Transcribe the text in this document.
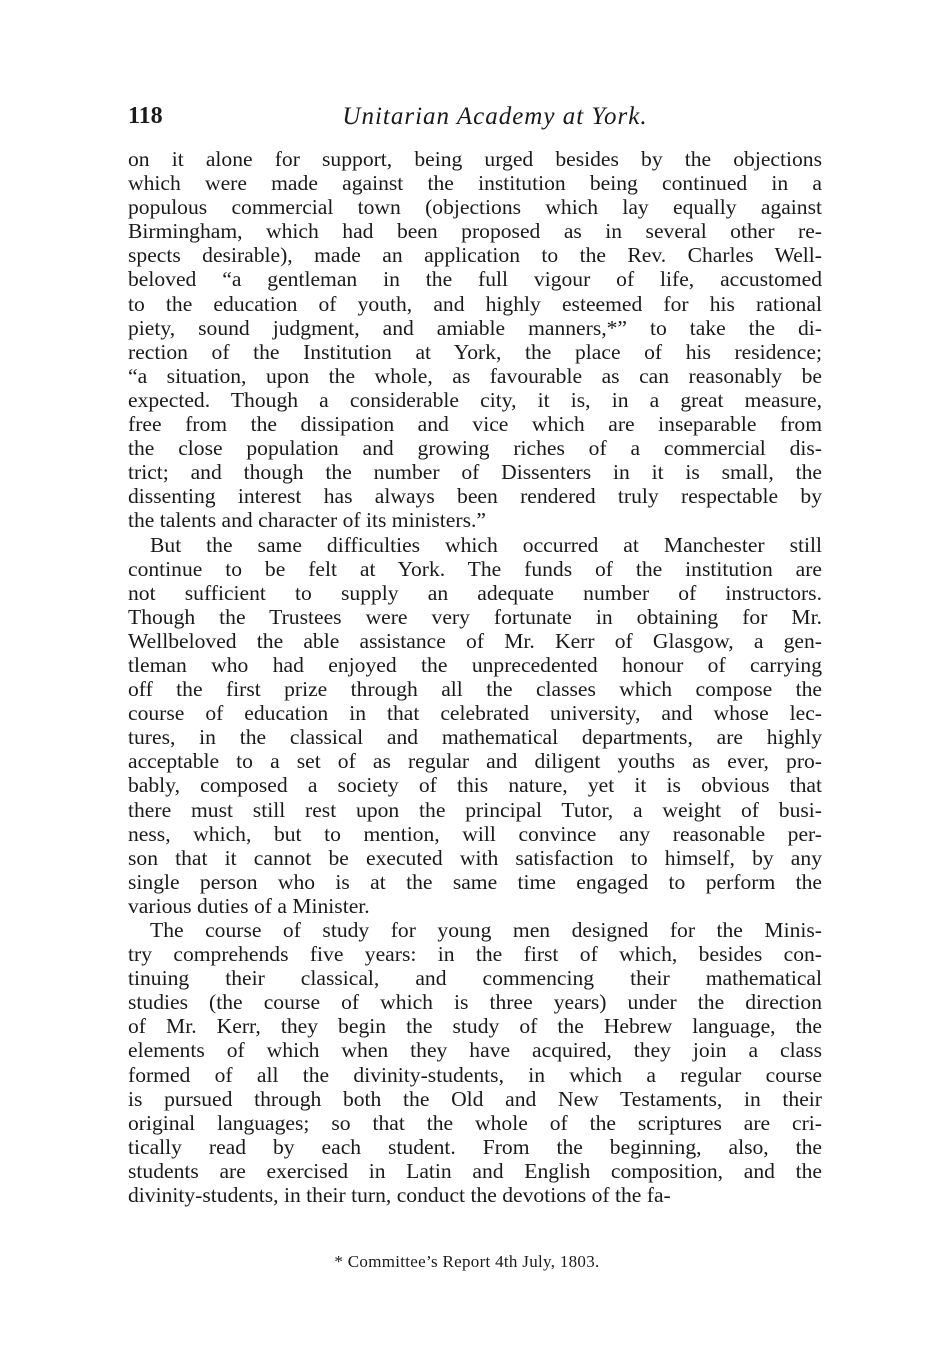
118	Unitarian Academy at York.
on it alone for support, being urged besides by the objections
which were made against the institution being continued in a
populous commercial town (objections which lay equally against
Birmingham, which had been proposed as in several other re-
spects desirable), made an application to the Rev. Charles Well-
beloved “a gentleman in the full vigour of life, accustomed
to the education of youth, and highly esteemed for his rational
piety, sound judgment, and amiable manners,*” to take the di-
rection of the Institution at York, the place of his residence;
“a situation, upon the whole, as favourable as can reasonably be
expected. Though a considerable city, it is, in a great measure,
free from the dissipation and vice which are inseparable from
the close population and growing riches of a commercial dis-
trict; and though the number of Dissenters in it is small, the
dissenting interest has always been rendered truly respectable by
the talents and character of its ministers.”
But the same difficulties which occurred at Manchester still
continue to be felt at York. The funds of the institution are
not sufficient to supply an adequate number of instructors.
Though the Trustees were very fortunate in obtaining for Mr.
Wellbeloved the able assistance of Mr. Kerr of Glasgow, a gen-
tleman who had enjoyed the unprecedented honour of carrying
off the first prize through all the classes which compose the
course of education in that celebrated university, and whose lec-
tures, in the classical and mathematical departments, are highly
acceptable to a set of as regular and diligent youths as ever, pro-
bably, composed a society of this nature, yet it is obvious that
there must still rest upon the principal Tutor, a weight of busi-
ness, which, but to mention, will convince any reasonable per-
son that it cannot be executed with satisfaction to himself, by any
single person who is at the same time engaged to perform the
various duties of a Minister.
The course of study for young men designed for the Minis-
try comprehends five years: in the first of which, besides con-
tinuing their classical, and commencing their mathematical
studies (the course of which is three years) under the direction
of Mr. Kerr, they begin the study of the Hebrew language, the
elements of which when they have acquired, they join a class
formed of all the divinity-students, in which a regular course
is pursued through both the Old and New Testaments, in their
original languages; so that the whole of the scriptures are cri-
tically read by each student. From the beginning, also, the
students are exercised in Latin and English composition, and the
divinity-students, in their turn, conduct the devotions of the fa-
* Committee’s Report 4th July, 1803.
